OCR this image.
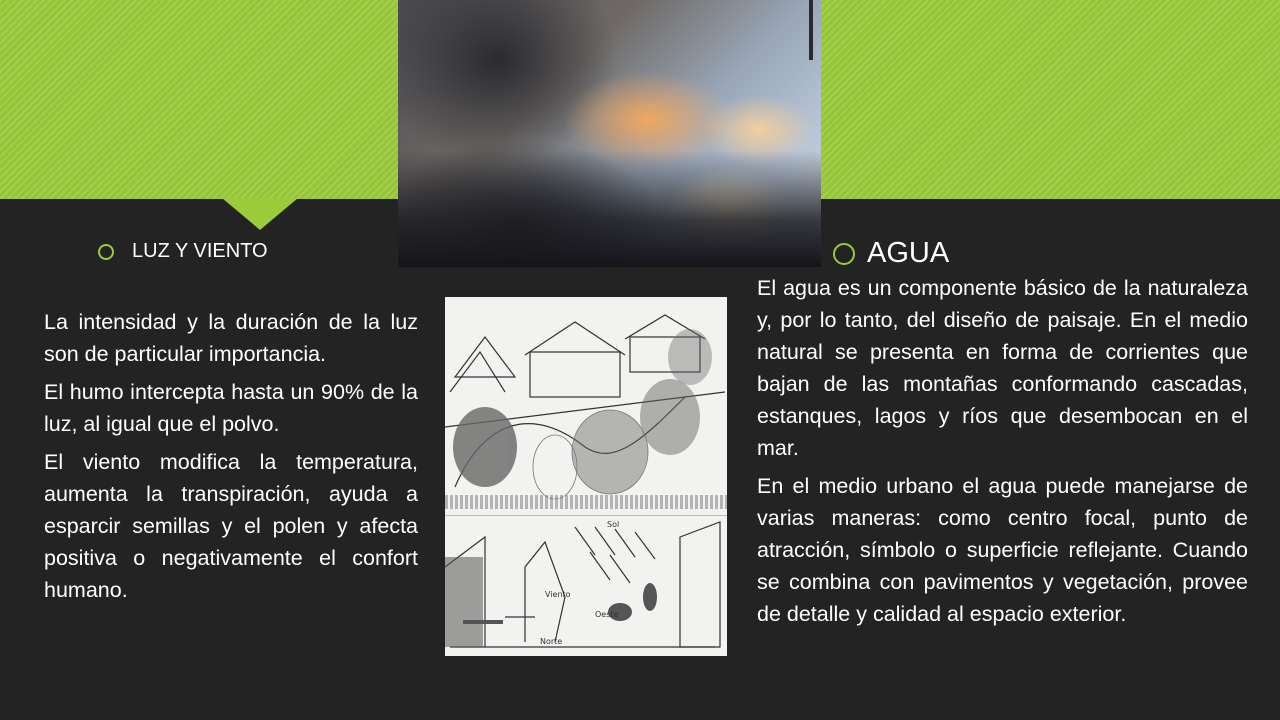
Sol
Viento
Oeste
Norte
LUZ Y VIENTO

La intensidad y la duración de la luz son de particular importancia.

El humo intercepta hasta un 90% de la luz, al igual que el polvo.

El viento modifica la temperatura, aumenta la transpiración, ayuda a esparcir semillas y el polen y afecta positiva o negativamente el confort humano.

AGUA

El agua es un componente básico de la naturaleza y, por lo tanto, del diseño de paisaje. En el medio natural se presenta en forma de corrientes que bajan de las montañas conformando cascadas, estanques, lagos y ríos que desembocan en el mar.

En el medio urbano el agua puede manejarse de varias maneras: como centro focal, punto de atracción, símbolo o superficie reflejante. Cuando se combina con pavimentos y vegetación, provee de detalle y calidad al espacio exterior.
